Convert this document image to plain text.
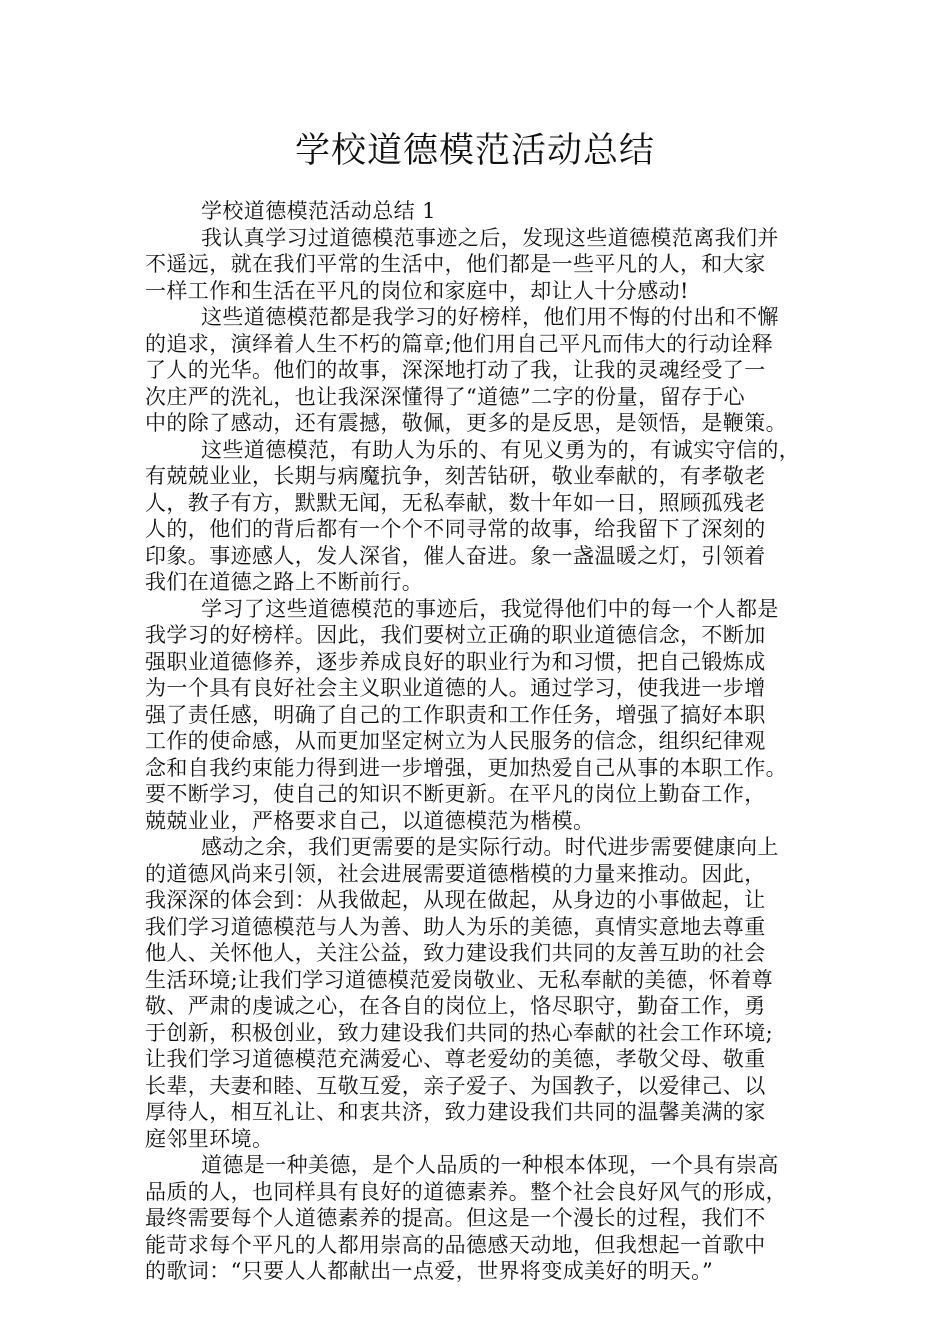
学校道德模范活动总结
学校道德模范活动总结 1
我认真学习过道德模范事迹之后，发现这些道德模范离我们并
不遥远，就在我们平常的生活中，他们都是一些平凡的人，和大家
一样工作和生活在平凡的岗位和家庭中，却让人十分感动!
这些道德模范都是我学习的好榜样，他们用不悔的付出和不懈
的追求，演绎着人生不朽的篇章;他们用自己平凡而伟大的行动诠释
了人的光华。他们的故事，深深地打动了我，让我的灵魂经受了一
次庄严的洗礼，也让我深深懂得了“道德”二字的份量，留存于心
中的除了感动，还有震撼，敬佩，更多的是反思，是领悟，是鞭策。
这些道德模范，有助人为乐的、有见义勇为的，有诚实守信的，
有兢兢业业，长期与病魔抗争，刻苦钻研，敬业奉献的，有孝敬老
人，教子有方，默默无闻，无私奉献，数十年如一日，照顾孤残老
人的，他们的背后都有一个个不同寻常的故事，给我留下了深刻的
印象。事迹感人，发人深省，催人奋进。象一盏温暖之灯，引领着
我们在道德之路上不断前行。
学习了这些道德模范的事迹后，我觉得他们中的每一个人都是
我学习的好榜样。因此，我们要树立正确的职业道德信念，不断加
强职业道德修养，逐步养成良好的职业行为和习惯，把自己锻炼成
为一个具有良好社会主义职业道德的人。通过学习，使我进一步增
强了责任感，明确了自己的工作职责和工作任务，增强了搞好本职
工作的使命感，从而更加坚定树立为人民服务的信念，组织纪律观
念和自我约束能力得到进一步增强，更加热爱自己从事的本职工作。
要不断学习，使自己的知识不断更新。在平凡的岗位上勤奋工作，
兢兢业业，严格要求自己，以道德模范为楷模。
感动之余，我们更需要的是实际行动。时代进步需要健康向上
的道德风尚来引领，社会进展需要道德楷模的力量来推动。因此，
我深深的体会到：从我做起，从现在做起，从身边的小事做起，让
我们学习道德模范与人为善、助人为乐的美德，真情实意地去尊重
他人、关怀他人，关注公益，致力建设我们共同的友善互助的社会
生活环境;让我们学习道德模范爱岗敬业、无私奉献的美德，怀着尊
敬、严肃的虔诚之心，在各自的岗位上，恪尽职守，勤奋工作，勇
于创新，积极创业，致力建设我们共同的热心奉献的社会工作环境;
让我们学习道德模范充满爱心、尊老爱幼的美德，孝敬父母、敬重
长辈，夫妻和睦、互敬互爱，亲子爱子、为国教子，以爱律己、以
厚待人，相互礼让、和衷共济，致力建设我们共同的温馨美满的家
庭邻里环境。
道德是一种美德，是个人品质的一种根本体现，一个具有崇高
品质的人，也同样具有良好的道德素养。整个社会良好风气的形成，
最终需要每个人道德素养的提高。但这是一个漫长的过程，我们不
能苛求每个平凡的人都用崇高的品德感天动地，但我想起一首歌中
的歌词：“只要人人都献出一点爱，世界将变成美好的明天。”
